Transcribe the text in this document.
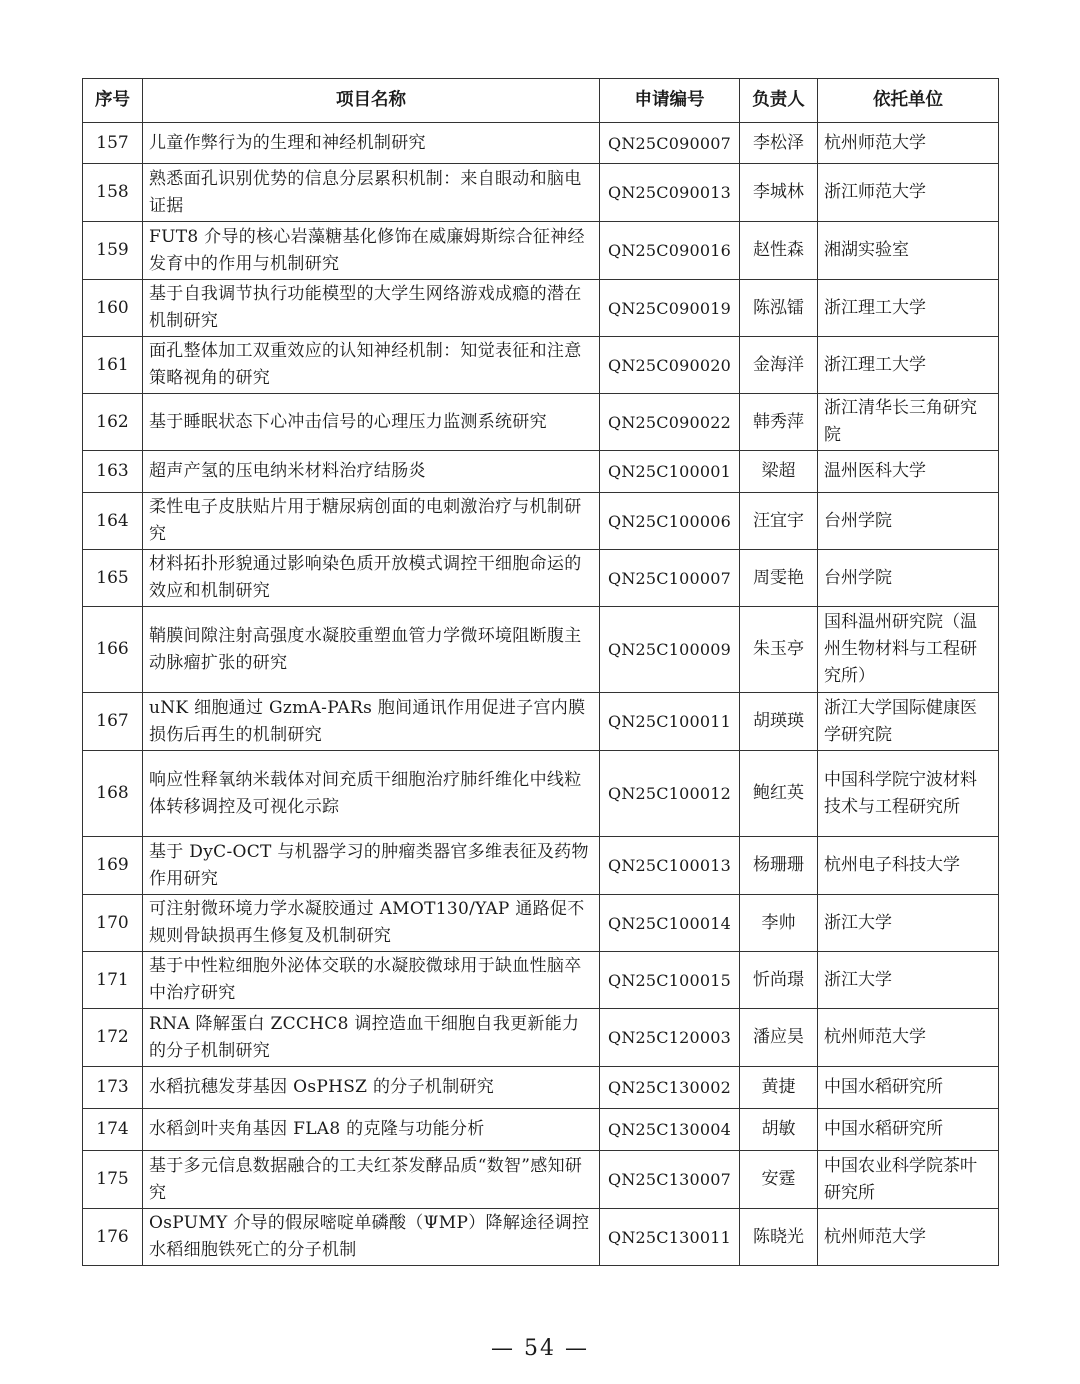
序号	项目名称	申请编号	负责人	依托单位
157	儿童作弊行为的生理和神经机制研究	QN25C090007	李松泽	杭州师范大学
158	熟悉面孔识别优势的信息分层累积机制：来自眼动和脑电证据	QN25C090013	李城林	浙江师范大学
159	FUT8 介导的核心岩藻糖基化修饰在威廉姆斯综合征神经发育中的作用与机制研究	QN25C090016	赵性森	湘湖实验室
160	基于自我调节执行功能模型的大学生网络游戏成瘾的潜在机制研究	QN25C090019	陈泓镭	浙江理工大学
161	面孔整体加工双重效应的认知神经机制：知觉表征和注意策略视角的研究	QN25C090020	金海洋	浙江理工大学
162	基于睡眠状态下心冲击信号的心理压力监测系统研究	QN25C090022	韩秀萍	浙江清华长三角研究院
163	超声产氢的压电纳米材料治疗结肠炎	QN25C100001	梁超	温州医科大学
164	柔性电子皮肤贴片用于糖尿病创面的电刺激治疗与机制研究	QN25C100006	汪宜宇	台州学院
165	材料拓扑形貌通过影响染色质开放模式调控干细胞命运的效应和机制研究	QN25C100007	周雯艳	台州学院
166	鞘膜间隙注射高强度水凝胶重塑血管力学微环境阻断腹主动脉瘤扩张的研究	QN25C100009	朱玉亭	国科温州研究院（温州生物材料与工程研究所）
167	uNK 细胞通过 GzmA-PARs 胞间通讯作用促进子宫内膜损伤后再生的机制研究	QN25C100011	胡瑛瑛	浙江大学国际健康医学研究院
168	响应性释氧纳米载体对间充质干细胞治疗肺纤维化中线粒体转移调控及可视化示踪	QN25C100012	鲍红英	中国科学院宁波材料技术与工程研究所
169	基于 DyC-OCT 与机器学习的肿瘤类器官多维表征及药物作用研究	QN25C100013	杨珊珊	杭州电子科技大学
170	可注射微环境力学水凝胶通过 AMOT130/YAP 通路促不规则骨缺损再生修复及机制研究	QN25C100014	李帅	浙江大学
171	基于中性粒细胞外泌体交联的水凝胶微球用于缺血性脑卒中治疗研究	QN25C100015	忻尚璟	浙江大学
172	RNA 降解蛋白 ZCCHC8 调控造血干细胞自我更新能力的分子机制研究	QN25C120003	潘应昊	杭州师范大学
173	水稻抗穗发芽基因 OsPHSZ 的分子机制研究	QN25C130002	黄捷	中国水稻研究所
174	水稻剑叶夹角基因 FLA8 的克隆与功能分析	QN25C130004	胡敏	中国水稻研究所
175	基于多元信息数据融合的工夫红茶发酵品质“数智”感知研究	QN25C130007	安霆	中国农业科学院茶叶研究所
176	OsPUMY 介导的假尿嘧啶单磷酸（ΨMP）降解途径调控水稻细胞铁死亡的分子机制	QN25C130011	陈晓光	杭州师范大学
— 54 —
